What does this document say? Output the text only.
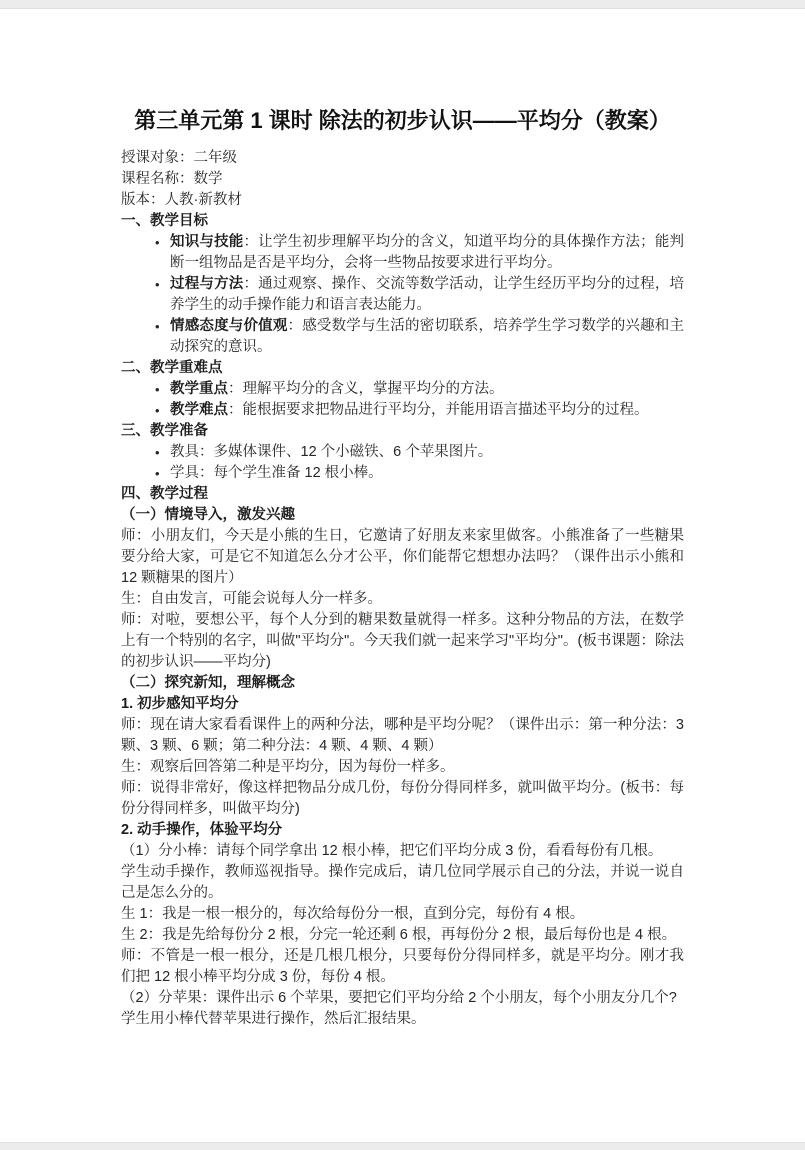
第三单元第 1 课时 除法的初步认识——平均分（教案）

授课对象：二年级

课程名称：数学

版本：人教·新教材

一、教学目标
• 知识与技能：让学生初步理解平均分的含义，知道平均分的具体操作方法；能判断一组物品是否是平均分，会将一些物品按要求进行平均分。
• 过程与方法：通过观察、操作、交流等数学活动，让学生经历平均分的过程，培养学生的动手操作能力和语言表达能力。
• 情感态度与价值观：感受数学与生活的密切联系，培养学生学习数学的兴趣和主动探究的意识。
二、教学重难点
• 教学重点：理解平均分的含义，掌握平均分的方法。
• 教学难点：能根据要求把物品进行平均分，并能用语言描述平均分的过程。
三、教学准备
• 教具：多媒体课件、12 个小磁铁、6 个苹果图片。
• 学具：每个学生准备 12 根小棒。
四、教学过程
（一）情境导入，激发兴趣

师：小朋友们，今天是小熊的生日，它邀请了好朋友来家里做客。小熊准备了一些糖果要分给大家，可是它不知道怎么分才公平，你们能帮它想想办法吗？（课件出示小熊和 12 颗糖果的图片）

生：自由发言，可能会说每人分一样多。

师：对啦，要想公平，每个人分到的糖果数量就得一样多。这种分物品的方法，在数学上有一个特别的名字，叫做"平均分"。今天我们就一起来学习"平均分"。(板书课题：除法的初步认识——平均分)

（二）探究新知，理解概念
1. 初步感知平均分

师：现在请大家看看课件上的两种分法，哪种是平均分呢？（课件出示：第一种分法：3 颗、3 颗、6 颗；第二种分法：4 颗、4 颗、4 颗）

生：观察后回答第二种是平均分，因为每份一样多。

师：说得非常好，像这样把物品分成几份，每份分得同样多，就叫做平均分。(板书：每份分得同样多，叫做平均分)

2. 动手操作，体验平均分

（1）分小棒：请每个同学拿出 12 根小棒，把它们平均分成 3 份，看看每份有几根。

学生动手操作，教师巡视指导。操作完成后，请几位同学展示自己的分法，并说一说自己是怎么分的。

生 1：我是一根一根分的，每次给每份分一根，直到分完，每份有 4 根。

生 2：我是先给每份分 2 根，分完一轮还剩 6 根，再每份分 2 根，最后每份也是 4 根。

师：不管是一根一根分，还是几根几根分，只要每份分得同样多，就是平均分。刚才我们把 12 根小棒平均分成 3 份，每份 4 根。

（2）分苹果：课件出示 6 个苹果，要把它们平均分给 2 个小朋友，每个小朋友分几个?

学生用小棒代替苹果进行操作，然后汇报结果。
